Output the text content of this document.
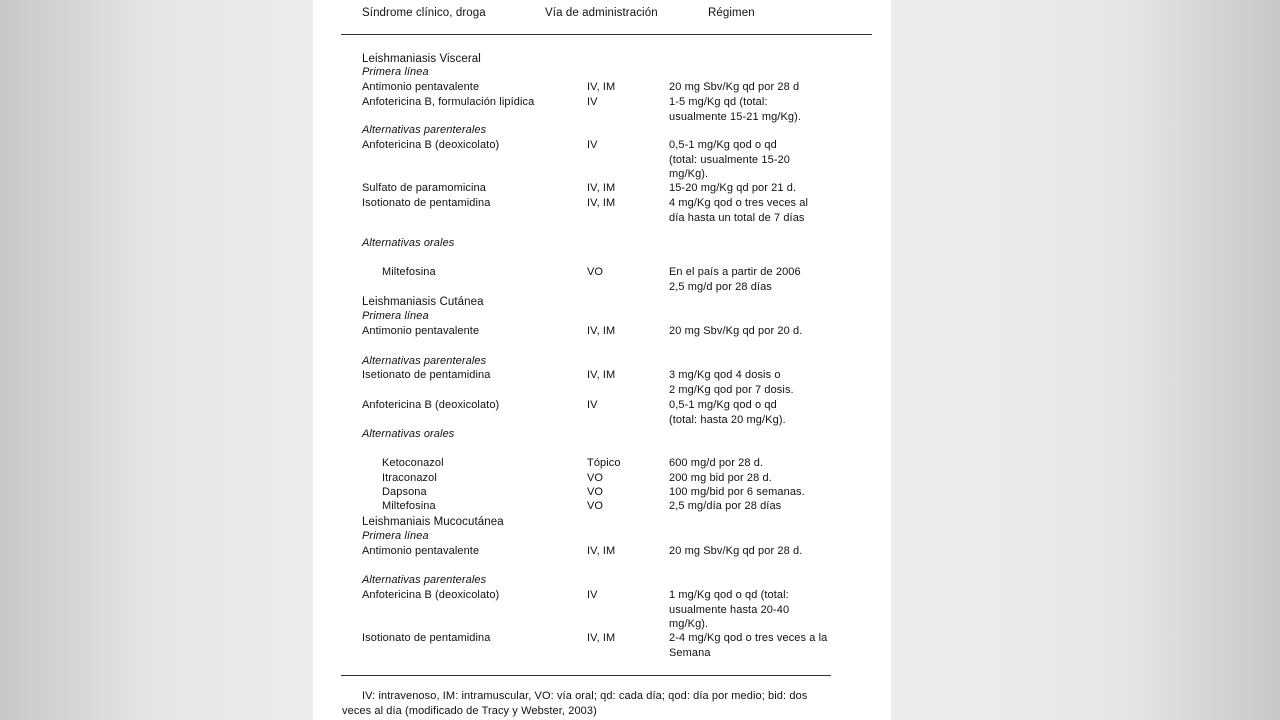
Síndrome clínico, droga	Vía de administración	Régimen
Leishmaniasis Visceral
Primera línea
Antimonio pentavalente	IV, IM	20 mg Sbv/Kg qd por 28 d
Anfotericina B, formulación lipídica	IV	1-5 mg/Kg qd (total:
usualmente 15-21 mg/Kg).
Alternativas parenterales
Anfotericina B (deoxicolato)	IV	0,5-1 mg/Kg qod o qd
(total: usualmente 15-20
mg/Kg).
Sulfato de paramomicina	IV, IM	15-20 mg/Kg qd por 21 d.
Isotionato de pentamidina	IV, IM	4 mg/Kg qod o tres veces al
día hasta un total de 7 días
Alternativas orales
Miltefosina	VO	En el país a partir de 2006
2,5 mg/d por 28 días
Leishmaniasis Cutánea
Primera línea
Antimonio pentavalente	IV, IM	20 mg Sbv/Kg qd por 20 d.
Alternativas parenterales
Isetionato de pentamidina	IV, IM	3 mg/Kg qod 4 dosis o
2 mg/Kg qod por 7 dosis.
Anfotericina B (deoxicolato)	IV	0,5-1 mg/Kg qod o qd
(total: hasta 20 mg/Kg).
Alternativas orales
Ketoconazol	Tópico	600 mg/d por 28 d.
Itraconazol	VO	200 mg bid por 28 d.
Dapsona	VO	100 mg/bid por 6 semanas.
Miltefosina	VO	2,5 mg/día por 28 días
Leishmaniais Mucocutánea
Primera línea
Antimonio pentavalente	IV, IM	20 mg Sbv/Kg qd por 28 d.
Alternativas parenterales
Anfotericina B (deoxicolato)	IV	1 mg/Kg qod o qd (total:
usualmente hasta 20-40
mg/Kg).
Isotionato de pentamidina	IV, IM	2-4 mg/Kg qod o tres veces a la
Semana
IV: intravenoso, IM: intramuscular, VO: vía oral; qd: cada día; qod: día por medio; bid: dos
veces al día (modificado de Tracy y Webster, 2003)
